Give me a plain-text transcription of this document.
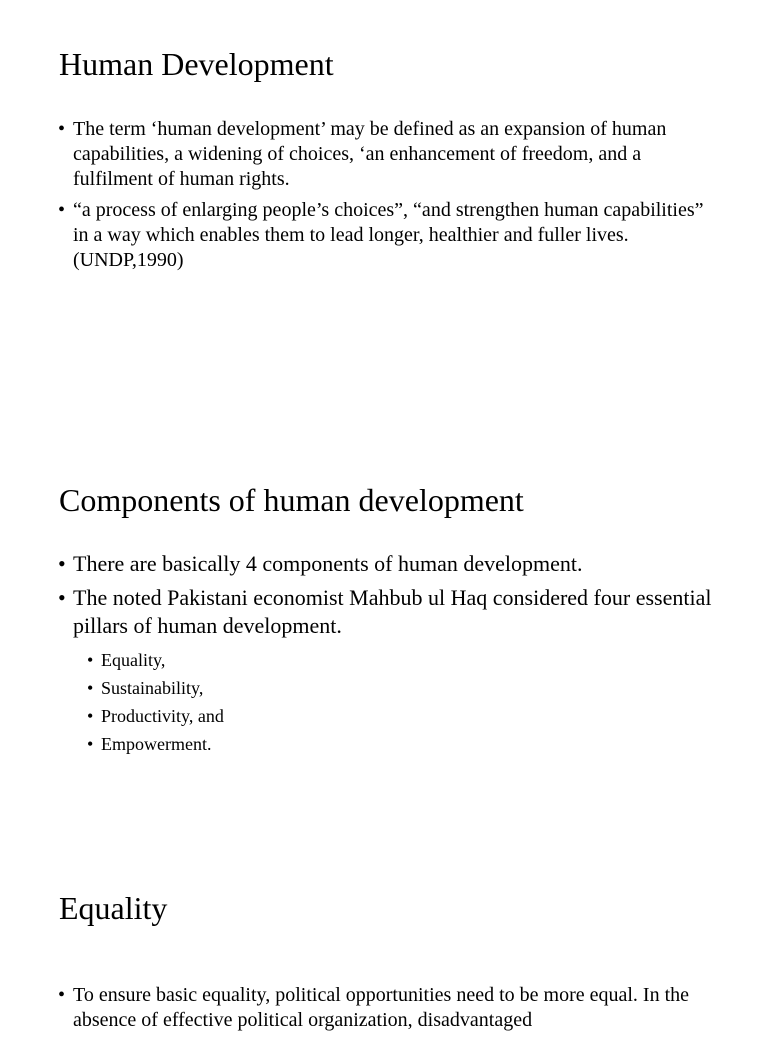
Human Development
• The term ‘human development’ may be defined as an expansion of human capabilities, a widening of choices, ‘an enhancement of freedom, and a fulfilment of human rights.
• “a process of enlarging people’s choices”, “and strengthen human capabilities” in a way which enables them to lead longer, healthier and fuller lives.(UNDP,1990)
Components of human development
• There are basically 4 components of human development.
• The noted Pakistani economist Mahbub ul Haq considered four essential pillars of human development.
• Equality,
• Sustainability,
• Productivity, and
• Empowerment.
Equality
• To ensure basic equality, political opportunities need to be more equal. In the absence of effective political organization, disadvantaged
